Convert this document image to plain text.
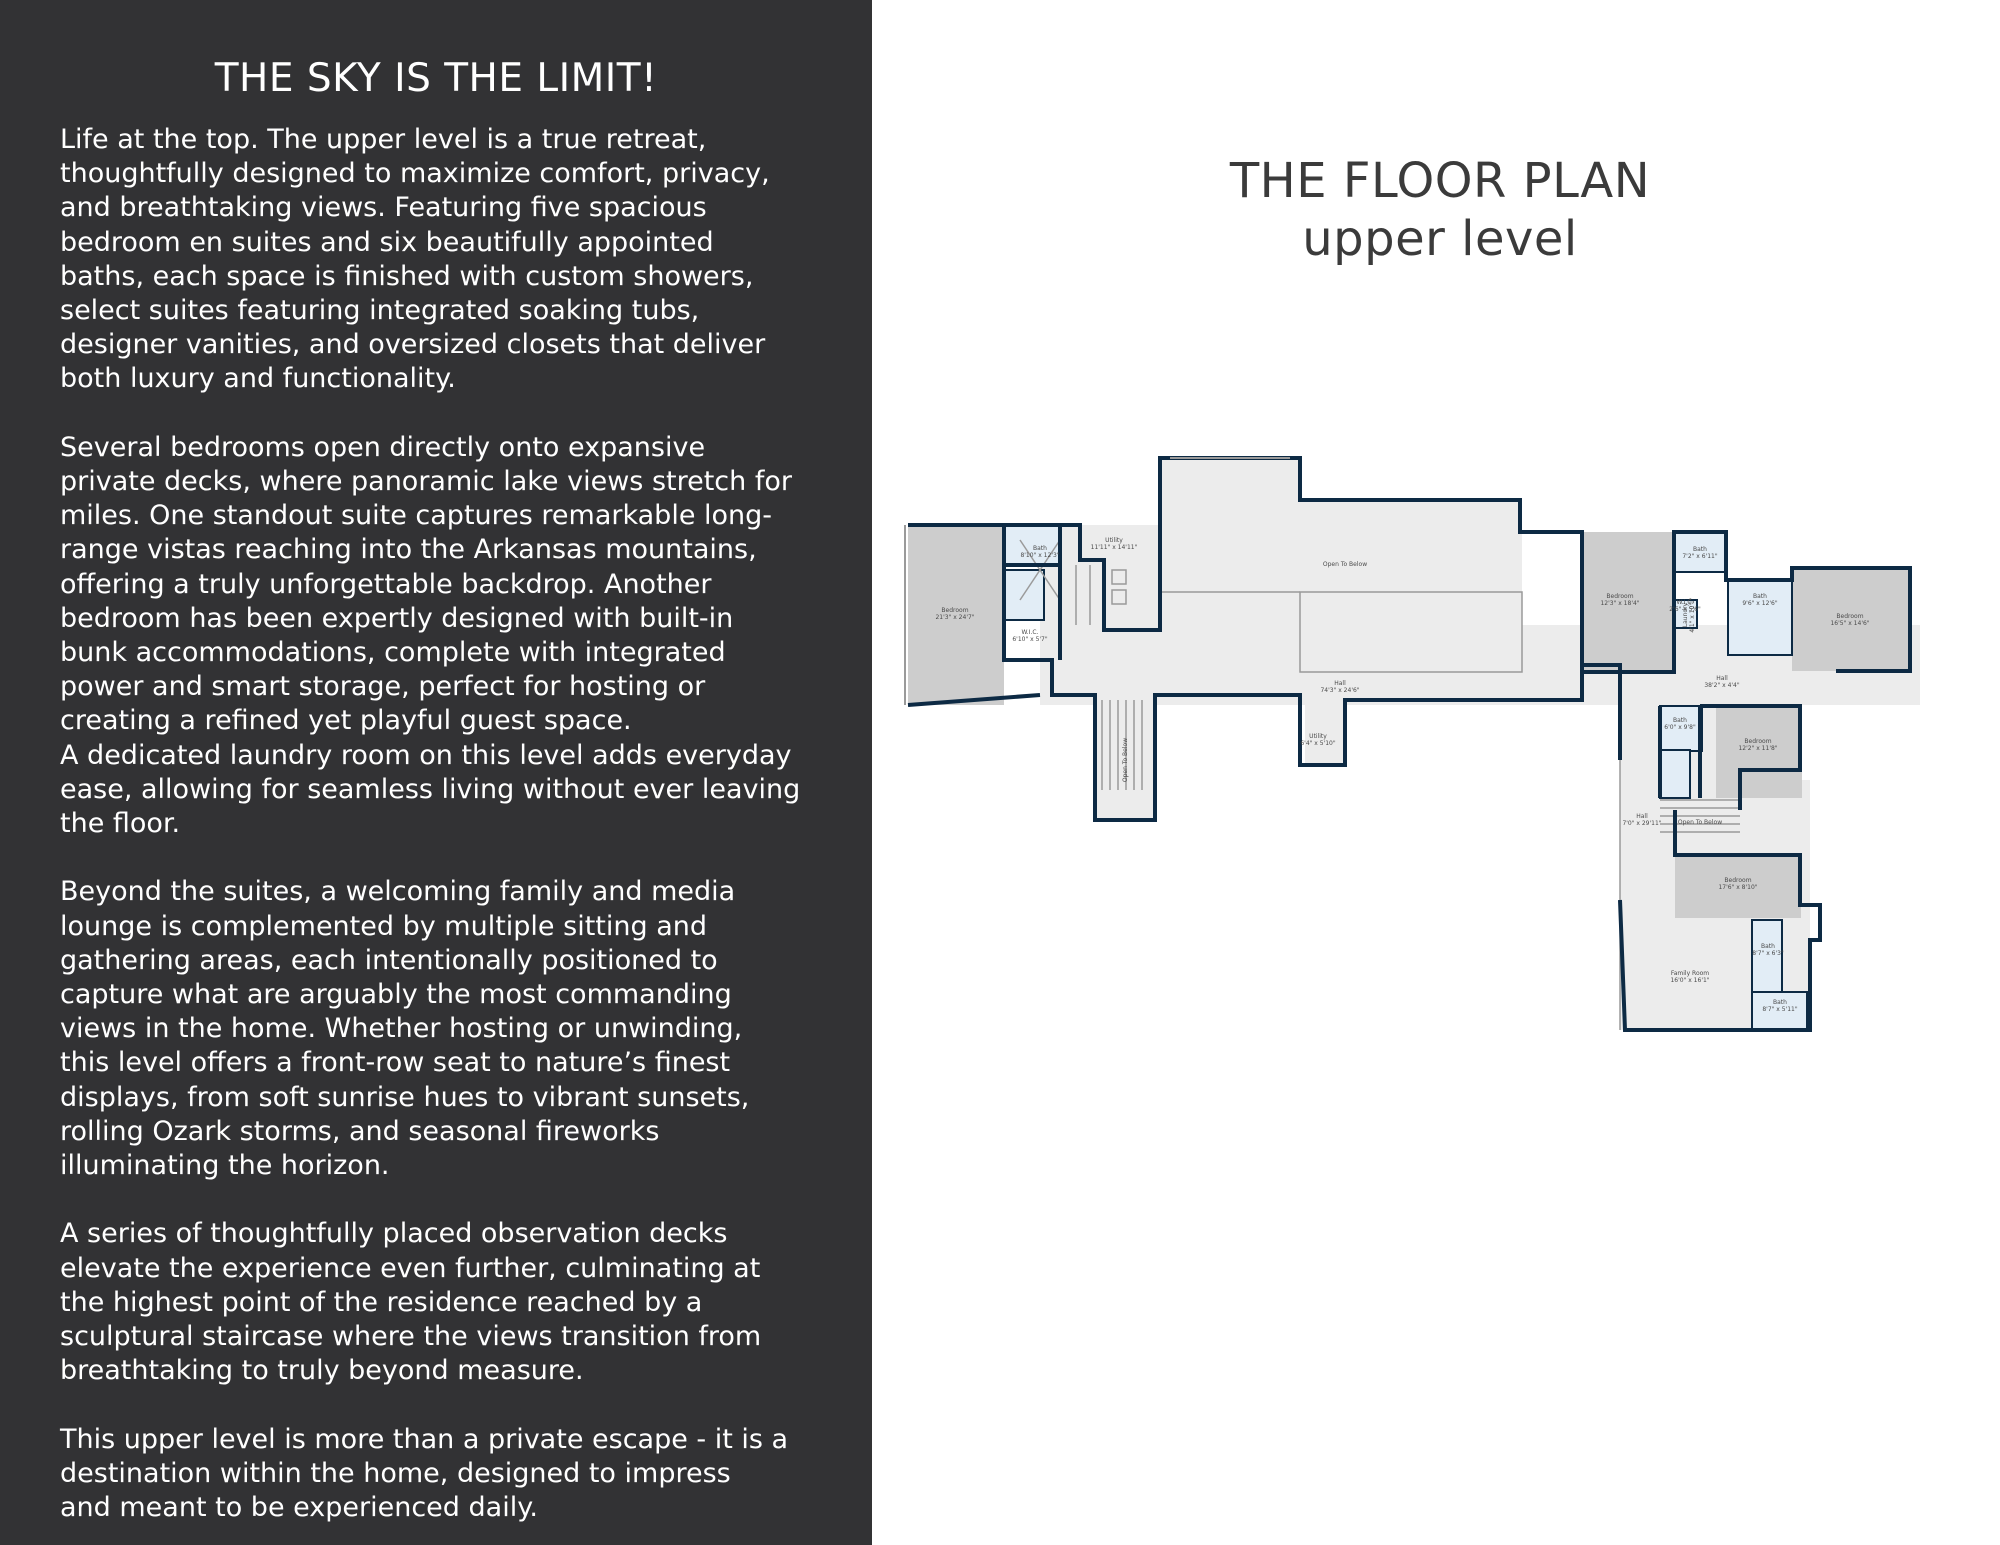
THE SKY IS THE LIMIT!

Life at the top. The upper level is a true retreat,
thoughtfully designed to maximize comfort, privacy,
and breathtaking views. Featuring five spacious
bedroom en suites and six beautifully appointed
baths, each space is finished with custom showers,
select suites featuring integrated soaking tubs,
designer vanities, and oversized closets that deliver
both luxury and functionality.

Several bedrooms open directly onto expansive
private decks, where panoramic lake views stretch for
miles. One standout suite captures remarkable long-
range vistas reaching into the Arkansas mountains,
offering a truly unforgettable backdrop. Another
bedroom has been expertly designed with built-in
bunk accommodations, complete with integrated
power and smart storage, perfect for hosting or
creating a refined yet playful guest space.
A dedicated laundry room on this level adds everyday
ease, allowing for seamless living without ever leaving
the floor.

Beyond the suites, a welcoming family and media
lounge is complemented by multiple sitting and
gathering areas, each intentionally positioned to
capture what are arguably the most commanding
views in the home. Whether hosting or unwinding,
this level offers a front-row seat to nature’s finest
displays, from soft sunrise hues to vibrant sunsets,
rolling Ozark storms, and seasonal fireworks
illuminating the horizon.

A series of thoughtfully placed observation decks
elevate the experience even further, culminating at
the highest point of the residence reached by a
sculptural staircase where the views transition from
breathtaking to truly beyond measure.

This upper level is more than a private escape - it is a
destination within the home, designed to impress
and meant to be experienced daily.

THE FLOOR PLAN
upper level
Bedroom
21'3" x 24'7"
Bath
8'10" x 12'3"
W.I.C.
6'10" x 5'7"
Utility
11'11" x 14'11"
Open To Below
Hall
74'3" x 24'6"
Utility
6'4" x 5'10"
Bedroom
12'3" x 18'4"
Bath
7'2" x 6'11"
W.I.C.
2'6" x 5'6"
Bath
9'6" x 12'6"
Bedroom
16'5" x 14'6"
Hall
38'2" x 4'4"
Bath
6'0" x 9'8"
Bedroom
12'2" x 11'8"
Hall
7'0" x 29'11"	Open To Below
Bedroom
17'6" x 8'10"
Family Room
16'0" x 16'1"
Bath
8'7" x 6'3"
Bath
8'7" x 5'11"
Open To Below
Laundry 4'1" x 10'1"
